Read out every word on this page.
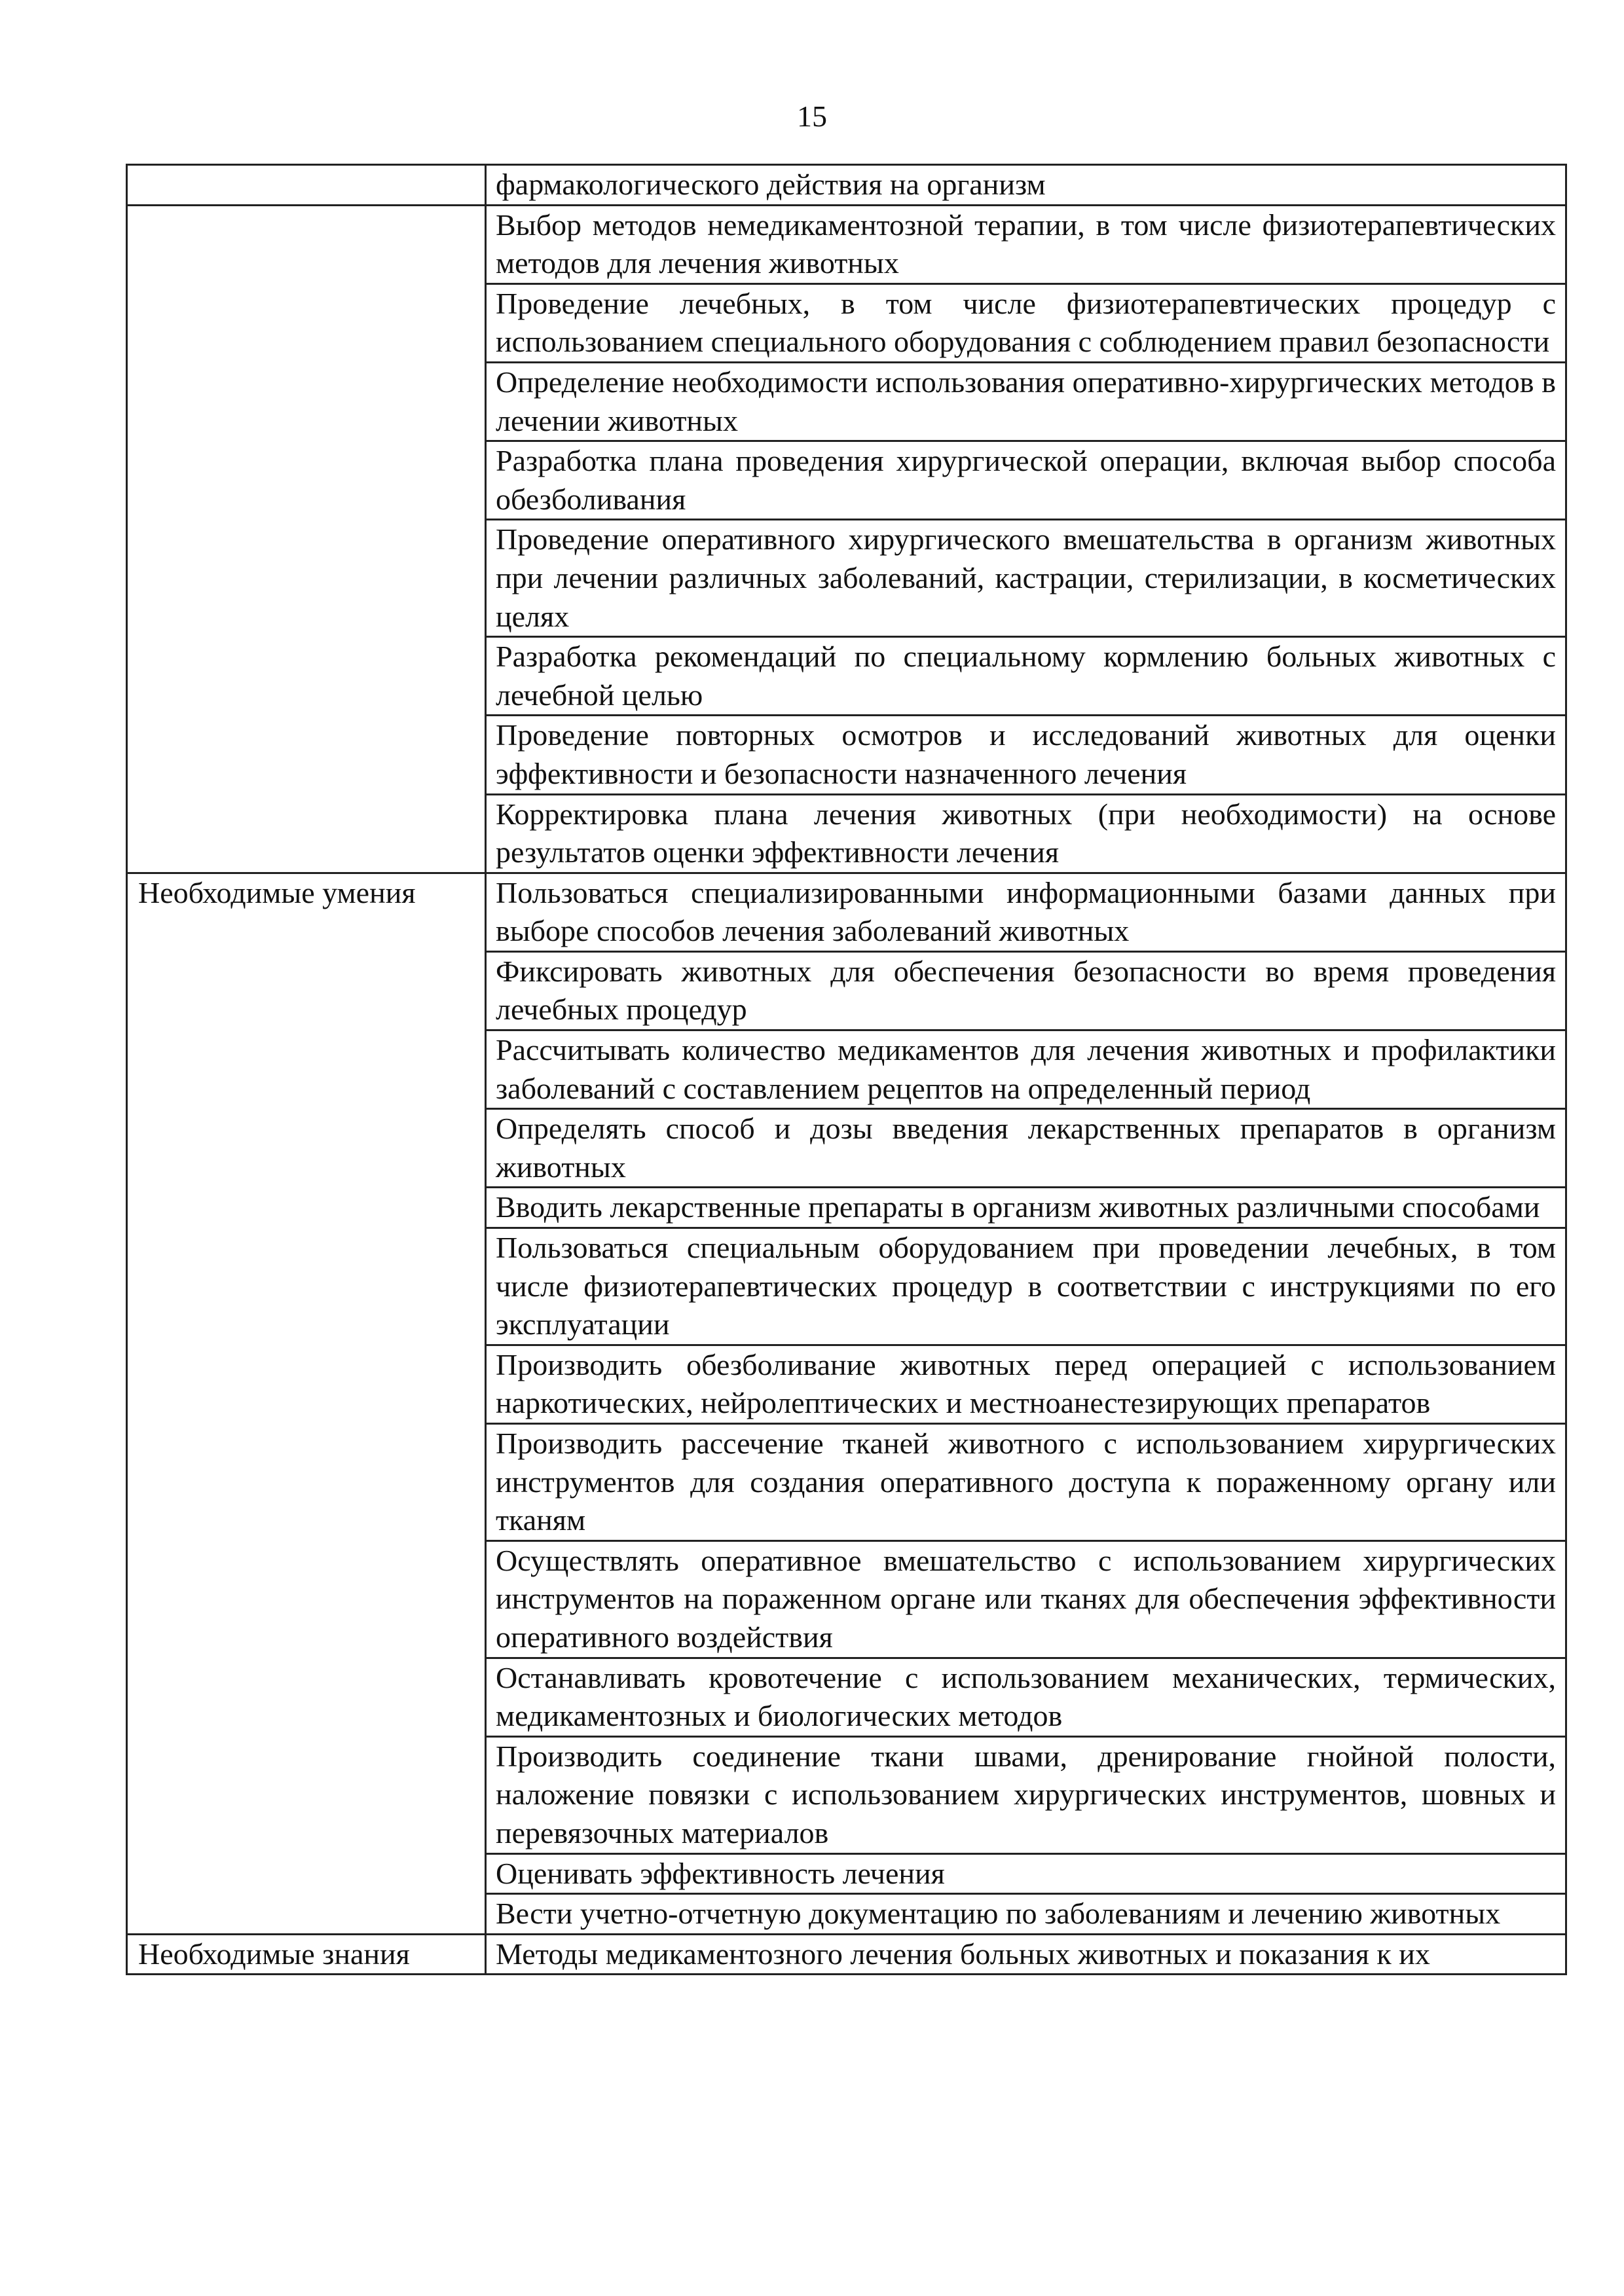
15
	фармакологического действия на организм
	Выбор методов немедикаментозной терапии, в том числе физиотерапевтических методов для лечения животных
	Проведение лечебных, в том числе физиотерапевтических процедур с использованием специального оборудования с соблюдением правил безопасности
	Определение необходимости использования оперативно-хирургических методов в лечении животных
	Разработка плана проведения хирургической операции, включая выбор способа обезболивания
	Проведение оперативного хирургического вмешательства в организм животных при лечении различных заболеваний, кастрации, стерилизации, в косметических целях
	Разработка рекомендаций по специальному кормлению больных животных с лечебной целью
	Проведение повторных осмотров и исследований животных для оценки эффективности и безопасности назначенного лечения
	Корректировка плана лечения животных (при необходимости) на основе результатов оценки эффективности лечения
Необходимые умения	Пользоваться специализированными информационными базами данных при выборе способов лечения заболеваний животных
	Фиксировать животных для обеспечения безопасности во время проведения лечебных процедур
	Рассчитывать количество медикаментов для лечения животных и профилактики заболеваний с составлением рецептов на определенный период
	Определять способ и дозы введения лекарственных препаратов в организм животных
	Вводить лекарственные препараты в организм животных различными способами
	Пользоваться специальным оборудованием при проведении лечебных, в том числе физиотерапевтических процедур в соответствии с инструкциями по его эксплуатации
	Производить обезболивание животных перед операцией с использованием наркотических, нейролептических и местноанестезирующих препаратов
	Производить рассечение тканей животного с использованием хирургических инструментов для создания оперативного доступа к пораженному органу или тканям
	Осуществлять оперативное вмешательство с использованием хирургических инструментов на пораженном органе или тканях для обеспечения эффективности оперативного воздействия
	Останавливать кровотечение с использованием механических, термических, медикаментозных и биологических методов
	Производить соединение ткани швами, дренирование гнойной полости, наложение повязки с использованием хирургических инструментов, шовных и перевязочных материалов
	Оценивать эффективность лечения
	Вести учетно-отчетную документацию по заболеваниям и лечению животных
Необходимые знания	Методы медикаментозного лечения больных животных и показания к их
